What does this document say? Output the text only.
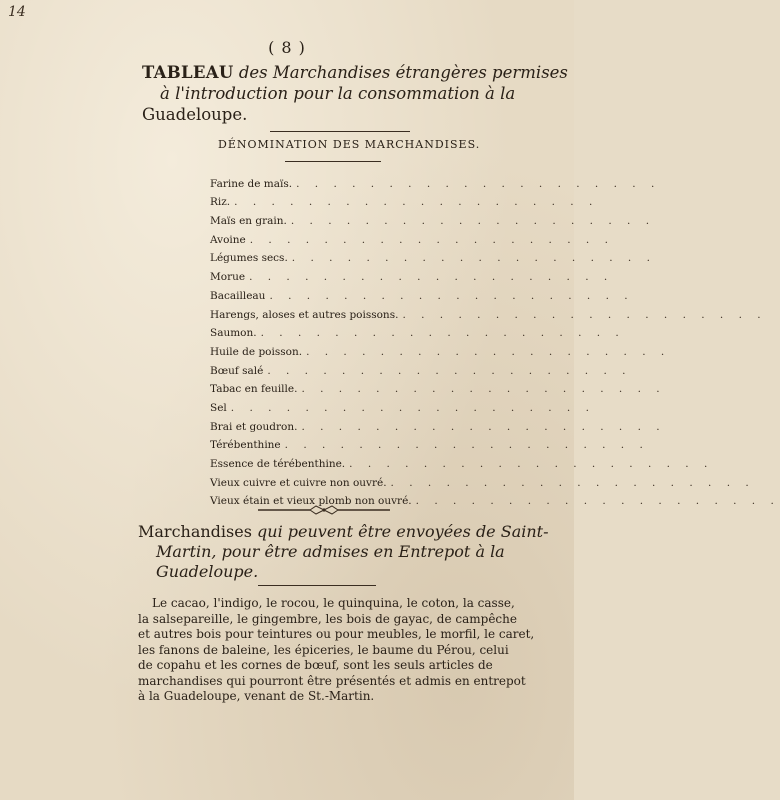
14
( 8 )
TABLEAU des Marchandises étrangères permises
à l'introduction pour la consommation à la
Guadeloupe.
DÉNOMINATION DES MARCHANDISES.
Farine de maïs. . . . . . . . . . . . . . . . . . . . .
Riz. . . . . . . . . . . . . . . . . . . . .
Maïs en grain. . . . . . . . . . . . . . . . . . . . .
Avoine . . . . . . . . . . . . . . . . . . . .
Légumes secs. . . . . . . . . . . . . . . . . . . . .
Morue . . . . . . . . . . . . . . . . . . . .
Bacailleau . . . . . . . . . . . . . . . . . . . .
Harengs, aloses et autres poissons. . . . . . . . . . . . . . . . . . . . .
Saumon. . . . . . . . . . . . . . . . . . . . .
Huile de poisson. . . . . . . . . . . . . . . . . . . . .
Bœuf salé . . . . . . . . . . . . . . . . . . . .
Tabac en feuille. . . . . . . . . . . . . . . . . . . . .
Sel . . . . . . . . . . . . . . . . . . . .
Brai et goudron. . . . . . . . . . . . . . . . . . . . .
Térébenthine . . . . . . . . . . . . . . . . . . . .
Essence de térébenthine. . . . . . . . . . . . . . . . . . . . .
Vieux cuivre et cuivre non ouvré. . . . . . . . . . . . . . . . . . . . .
Vieux étain et vieux plomb non ouvré. . . . . . . . . . . . . . . . . . . . .
Marchandises qui peuvent être envoyées de Saint-
Martin, pour être admises en Entrepot à la
Guadeloupe.
Le cacao, l'indigo, le rocou, le quinquina, le coton, la casse,
la salsepareille, le gingembre, les bois de gayac, de campêche
et autres bois pour teintures ou pour meubles, le morfil, le caret,
les fanons de baleine, les épiceries, le baume du Pérou, celui
de copahu et les cornes de bœuf, sont les seuls articles de
marchandises qui pourront être présentés et admis en entrepot
à la Guadeloupe, venant de St.-Martin.
